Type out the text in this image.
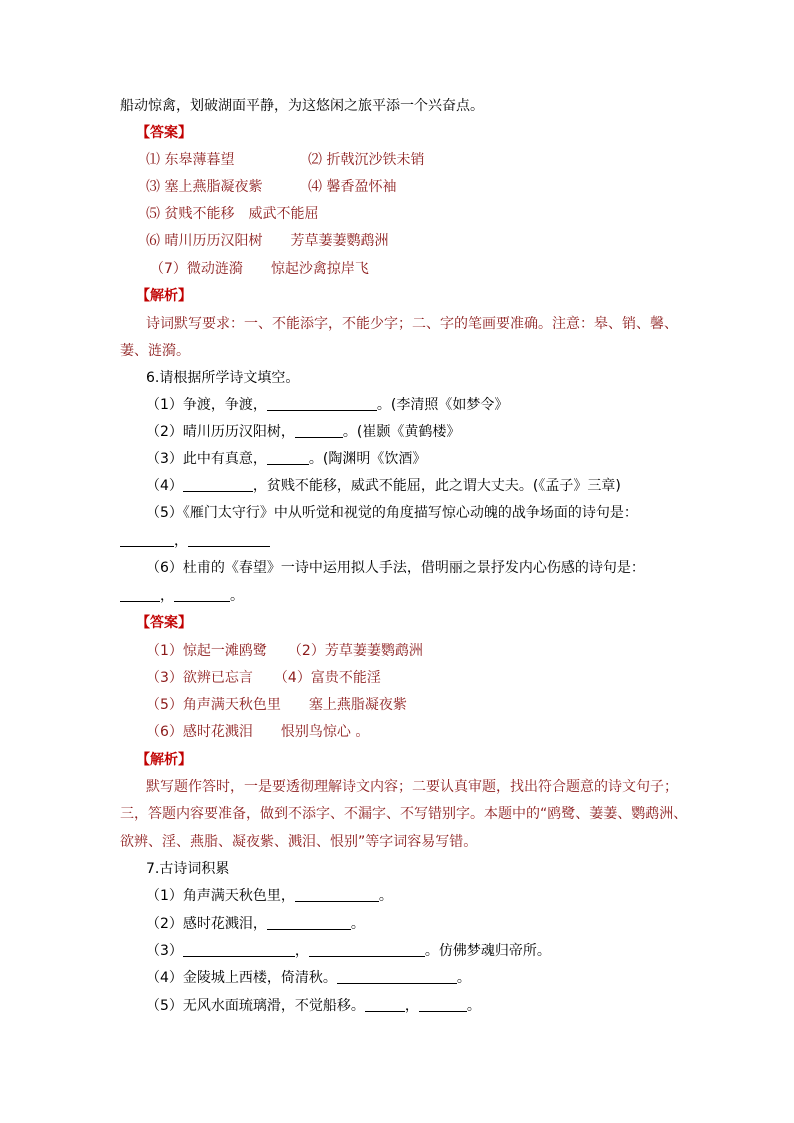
船动惊禽，划破湖面平静，为这悠闲之旅平添一个兴奋点。
【答案】
⑴ 东皋薄暮望	⑵ 折戟沉沙铁未销
⑶ 塞上燕脂凝夜紫	⑷ 馨香盈怀袖
⑸ 贫贱不能移　威武不能屈
⑹ 晴川历历汉阳树　　芳草萋萋鹦鹉洲
（7）微动涟漪　　惊起沙禽掠岸飞
【解析】
诗词默写要求：一、不能添字，不能少字；二、字的笔画要准确。注意：皋、销、馨、
萋、涟漪。
6.请根据所学诗文填空。
（1）争渡，争渡，	。(李清照《如梦令》
（2）晴川历历汉阳树，	。(崔颢《黄鹤楼》
（3）此中有真意，	。(陶渊明《饮酒》
（4）	，贫贱不能移，威武不能屈，此之谓大丈夫。(《孟子》三章)
（5）《雁门太守行》中从听觉和视觉的角度描写惊心动魄的战争场面的诗句是：
，
（6）杜甫的《春望》一诗中运用拟人手法，借明丽之景抒发内心伤感的诗句是：
，	。
【答案】
（1）惊起一滩鸥鹭　　（2）芳草萋萋鹦鹉洲
（3）欲辨已忘言　　（4）富贵不能淫
（5）角声满天秋色里　　塞上燕脂凝夜紫
（6）感时花溅泪　　恨别鸟惊心 。
【解析】
默写题作答时，一是要透彻理解诗文内容；二要认真审题，找出符合题意的诗文句子；
三，答题内容要准备，做到不添字、不漏字、不写错别字。本题中的“鸥鹭、萋萋、鹦鹉洲、
欲辨、淫、燕脂、凝夜紫、溅泪、恨别”等字词容易写错。
7.古诗词积累
（1）角声满天秋色里，	。
（2）感时花溅泪，	。
（3）	，	。仿佛梦魂归帝所。
（4）金陵城上西楼，倚清秋。	。
（5）无风水面琉璃滑，不觉船移。	，	。
